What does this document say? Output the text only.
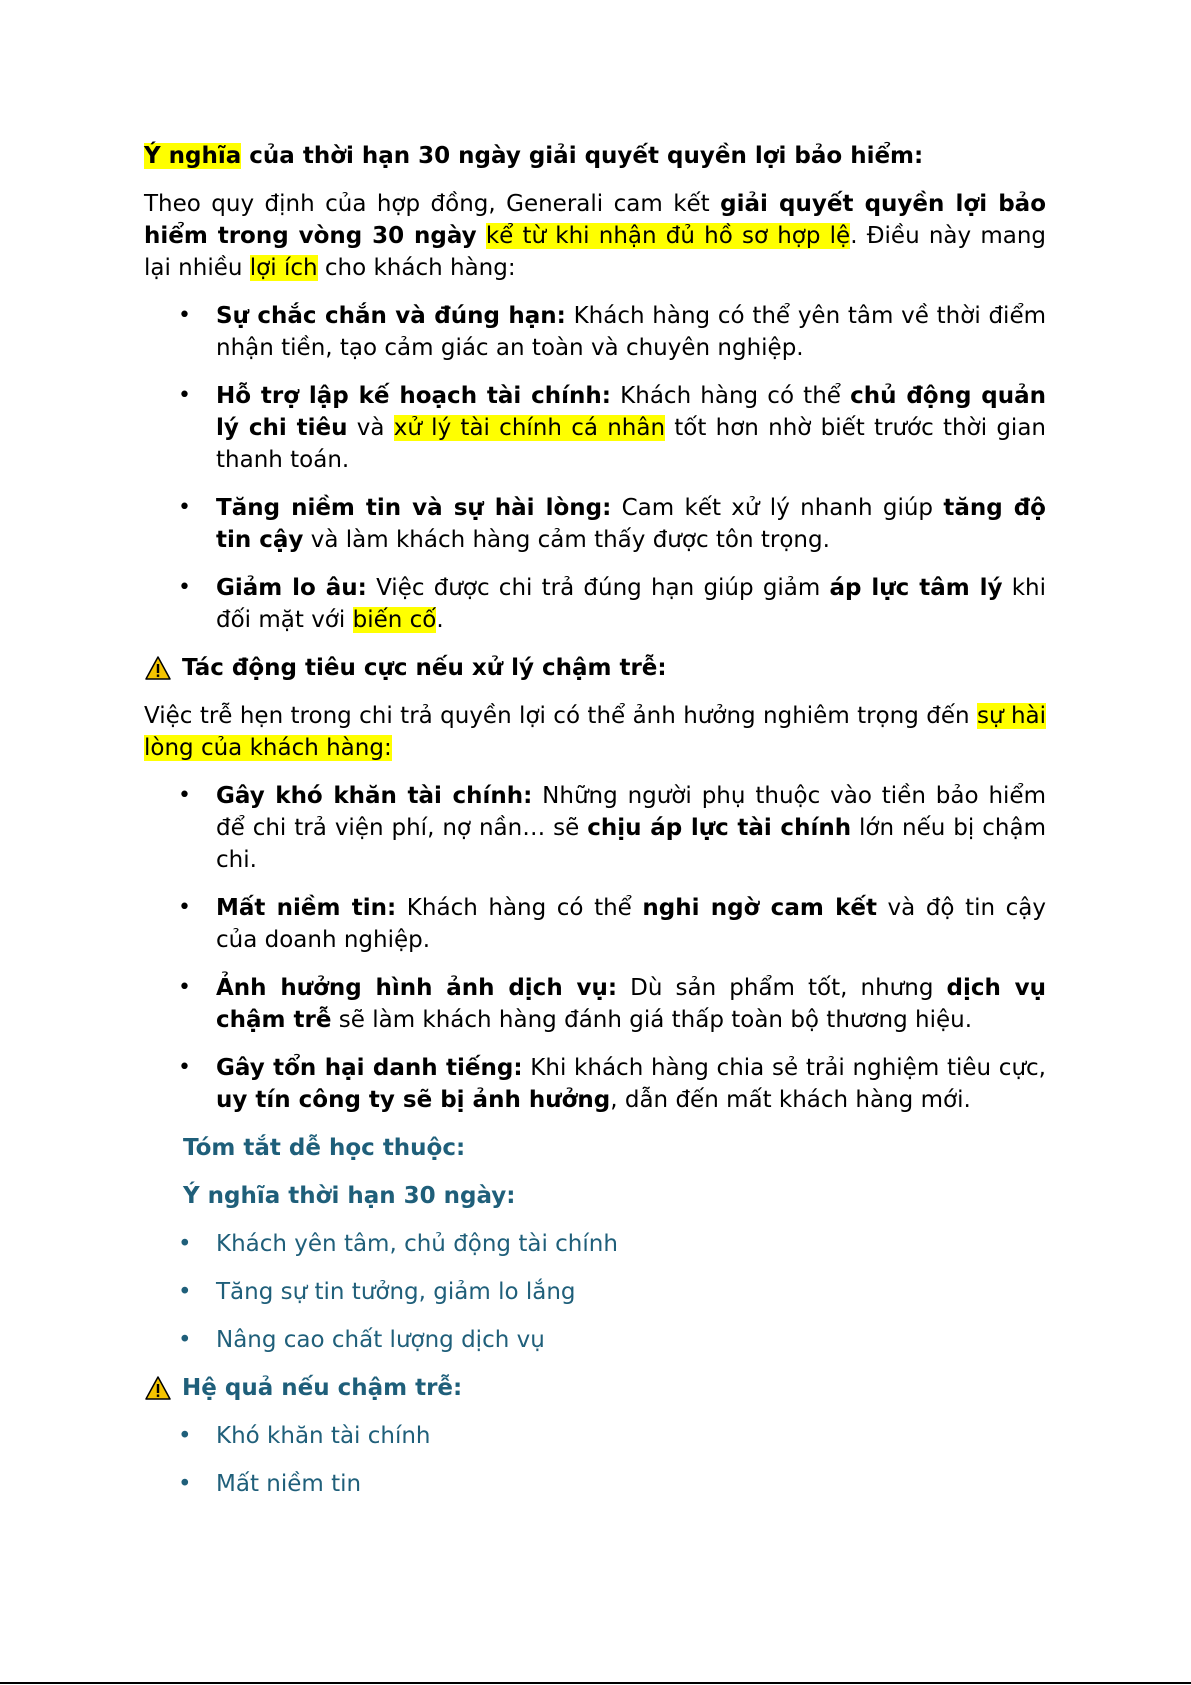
Ý nghĩa của thời hạn 30 ngày giải quyết quyền lợi bảo hiểm:

Theo quy định của hợp đồng, Generali cam kết giải quyết quyền lợi bảo hiểm trong vòng 30 ngày kể từ khi nhận đủ hồ sơ hợp lệ. Điều này mang lại nhiều lợi ích cho khách hàng:

• Sự chắc chắn và đúng hạn: Khách hàng có thể yên tâm về thời điểm nhận tiền, tạo cảm giác an toàn và chuyên nghiệp.
• Hỗ trợ lập kế hoạch tài chính: Khách hàng có thể chủ động quản lý chi tiêu và xử lý tài chính cá nhân tốt hơn nhờ biết trước thời gian thanh toán.
• Tăng niềm tin và sự hài lòng: Cam kết xử lý nhanh giúp tăng độ tin cậy và làm khách hàng cảm thấy được tôn trọng.
• Giảm lo âu: Việc được chi trả đúng hạn giúp giảm áp lực tâm lý khi đối mặt với biến cố.

Tác động tiêu cực nếu xử lý chậm trễ:

Việc trễ hẹn trong chi trả quyền lợi có thể ảnh hưởng nghiêm trọng đến sự hài lòng của khách hàng:

• Gây khó khăn tài chính: Những người phụ thuộc vào tiền bảo hiểm để chi trả viện phí, nợ nần… sẽ chịu áp lực tài chính lớn nếu bị chậm chi.
• Mất niềm tin: Khách hàng có thể nghi ngờ cam kết và độ tin cậy của doanh nghiệp.
• Ảnh hưởng hình ảnh dịch vụ: Dù sản phẩm tốt, nhưng dịch vụ chậm trễ sẽ làm khách hàng đánh giá thấp toàn bộ thương hiệu.
• Gây tổn hại danh tiếng: Khi khách hàng chia sẻ trải nghiệm tiêu cực, uy tín công ty sẽ bị ảnh hưởng, dẫn đến mất khách hàng mới.

Tóm tắt dễ học thuộc:

Ý nghĩa thời hạn 30 ngày:

• Khách yên tâm, chủ động tài chính
• Tăng sự tin tưởng, giảm lo lắng
• Nâng cao chất lượng dịch vụ

Hệ quả nếu chậm trễ:

• Khó khăn tài chính
• Mất niềm tin
